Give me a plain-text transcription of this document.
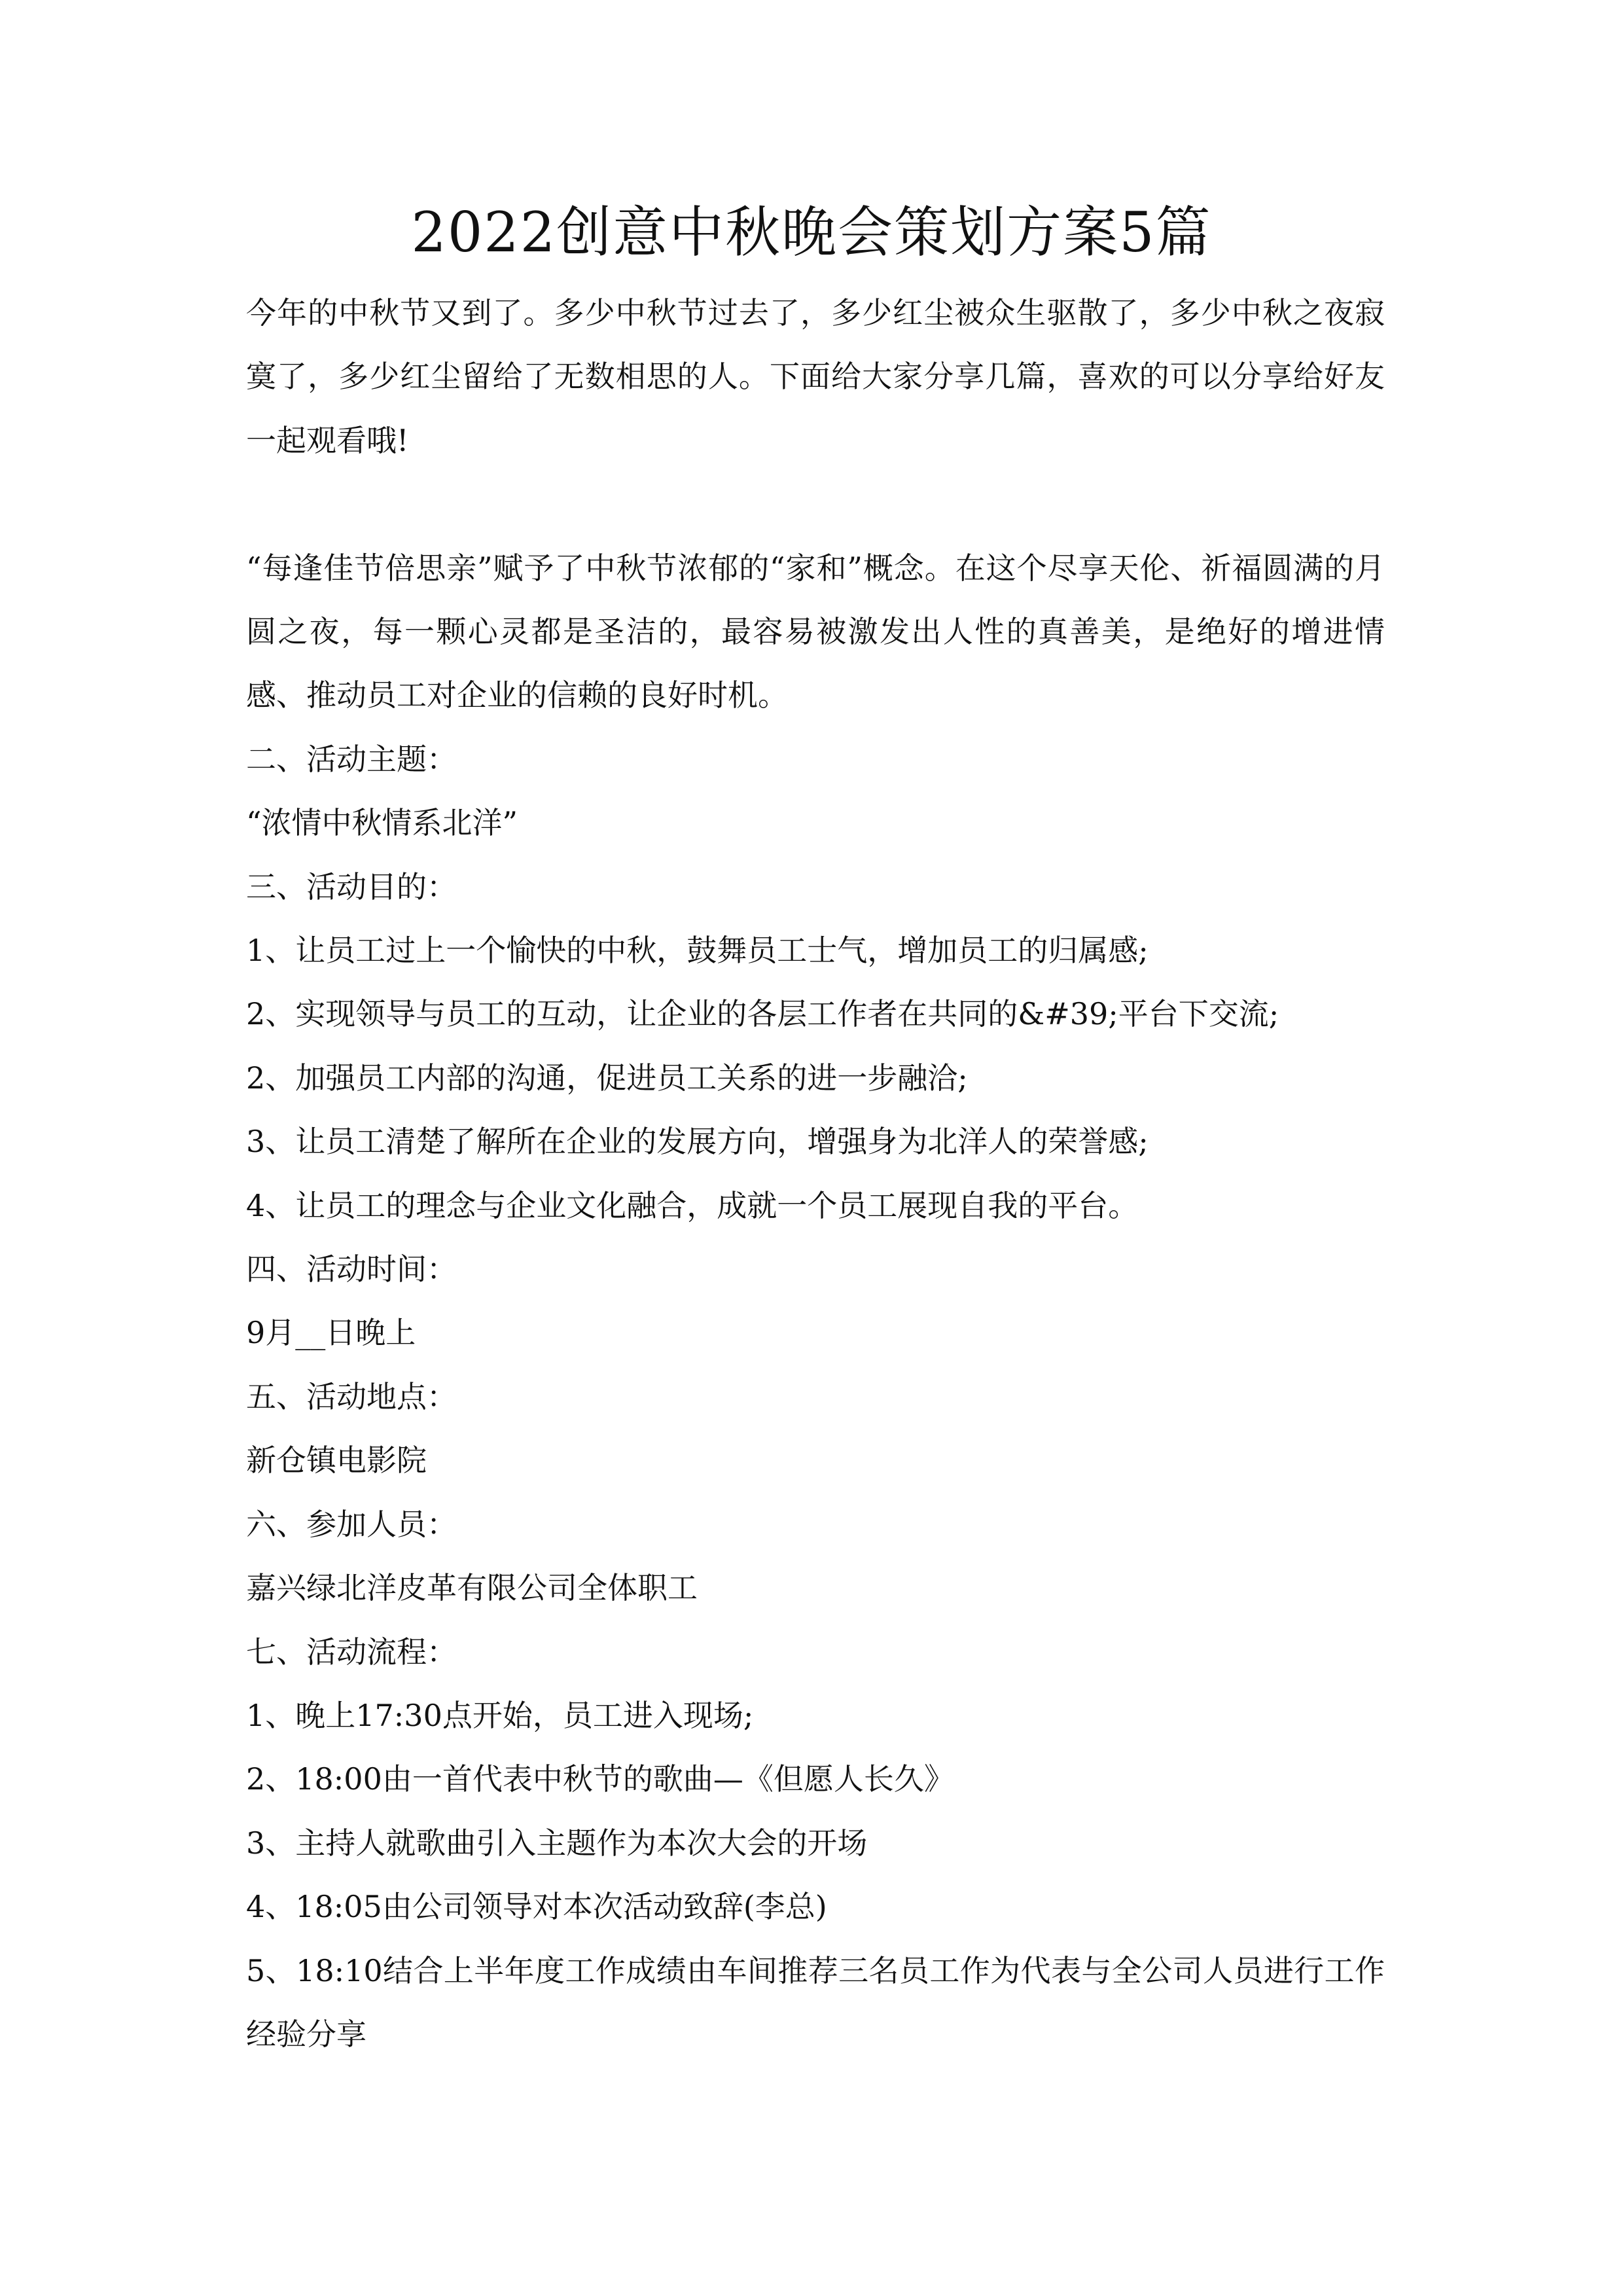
2022创意中秋晚会策划方案5篇

今年的中秋节又到了。多少中秋节过去了，多少红尘被众生驱散了，多少中秋之夜寂寞了，多少红尘留给了无数相思的人。下面给大家分享几篇，喜欢的可以分享给好友一起观看哦!

“每逢佳节倍思亲”赋予了中秋节浓郁的“家和”概念。在这个尽享天伦、祈福圆满的月圆之夜，每一颗心灵都是圣洁的，最容易被激发出人性的真善美，是绝好的增进情感、推动员工对企业的信赖的良好时机。

二、活动主题：

“浓情中秋情系北洋”

三、活动目的：

1、让员工过上一个愉快的中秋，鼓舞员工士气，增加员工的归属感;

2、实现领导与员工的互动，让企业的各层工作者在共同的&#39;平台下交流;

2、加强员工内部的沟通，促进员工关系的进一步融洽;

3、让员工清楚了解所在企业的发展方向，增强身为北洋人的荣誉感;

4、让员工的理念与企业文化融合，成就一个员工展现自我的平台。

四、活动时间：

9月__日晚上

五、活动地点：

新仓镇电影院

六、参加人员：

嘉兴绿北洋皮革有限公司全体职工

七、活动流程：

1、晚上17:30点开始，员工进入现场;

2、18:00由一首代表中秋节的歌曲—《但愿人长久》

3、主持人就歌曲引入主题作为本次大会的开场

4、18:05由公司领导对本次活动致辞(李总)

5、18:10结合上半年度工作成绩由车间推荐三名员工作为代表与全公司人员进行工作经验分享
